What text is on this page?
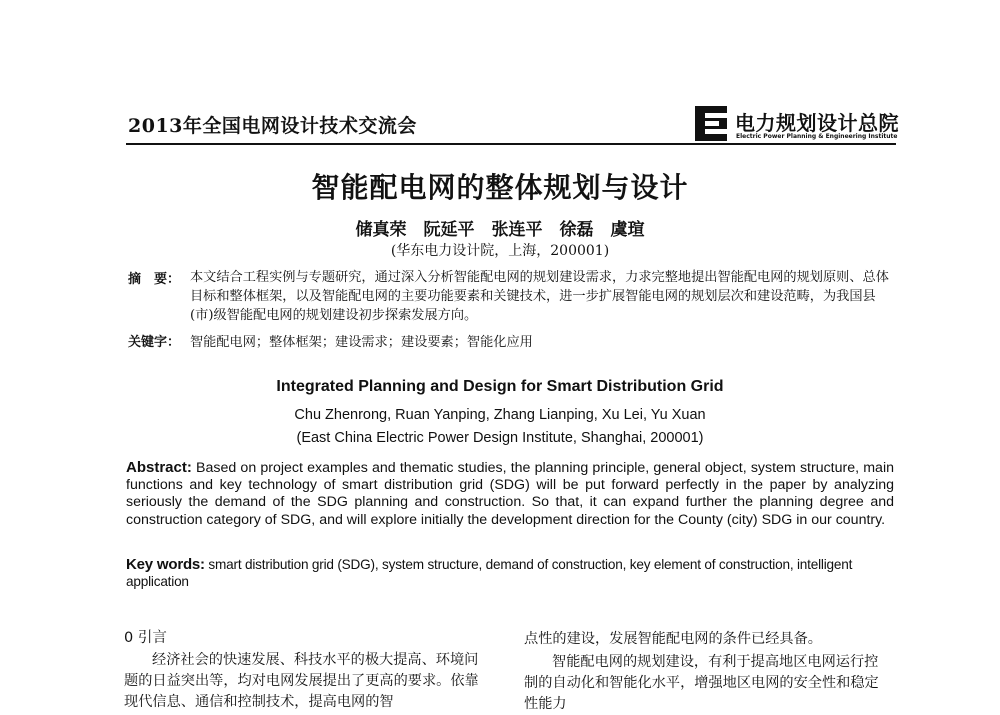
2013年全国电网设计技术交流会	电力规划设计总院
Electric Power Planning & Engineering Institute
智能配电网的整体规划与设计
储真荣　阮延平　张连平　徐磊　虞瑄
(华东电力设计院，上海，200001)
摘　要： 本文结合工程实例与专题研究，通过深入分析智能配电网的规划建设需求，力求完整地提出智能配电网的规划原则、总体目标和整体框架，以及智能配电网的主要功能要素和关键技术，进一步扩展智能电网的规划层次和建设范畴，为我国县(市)级智能配电网的规划建设初步探索发展方向。
关键字： 智能配电网；整体框架；建设需求；建设要素；智能化应用
Integrated Planning and Design for Smart Distribution Grid
Chu Zhenrong, Ruan Yanping, Zhang Lianping, Xu Lei, Yu Xuan
(East China Electric Power Design Institute, Shanghai, 200001)
Abstract: Based on project examples and thematic studies, the planning principle, general object, system structure, main functions and key technology of smart distribution grid (SDG) will be put forward perfectly in the paper by analyzing seriously the demand of the SDG planning and construction. So that, it can expand further the planning degree and construction category of SDG, and will explore initially the development direction for the County (city) SDG in our country.
Key words: smart distribution grid (SDG), system structure, demand of construction, key element of construction, intelligent application
0 引言
经济社会的快速发展、科技水平的极大提高、环境问题的日益突出等，均对电网发展提出了更高的要求。依靠现代信息、通信和控制技术，提高电网的智
点性的建设，发展智能配电网的条件已经具备。
智能配电网的规划建设，有利于提高地区电网运行控制的自动化和智能化水平，增强地区电网的安全性和稳定性能力
